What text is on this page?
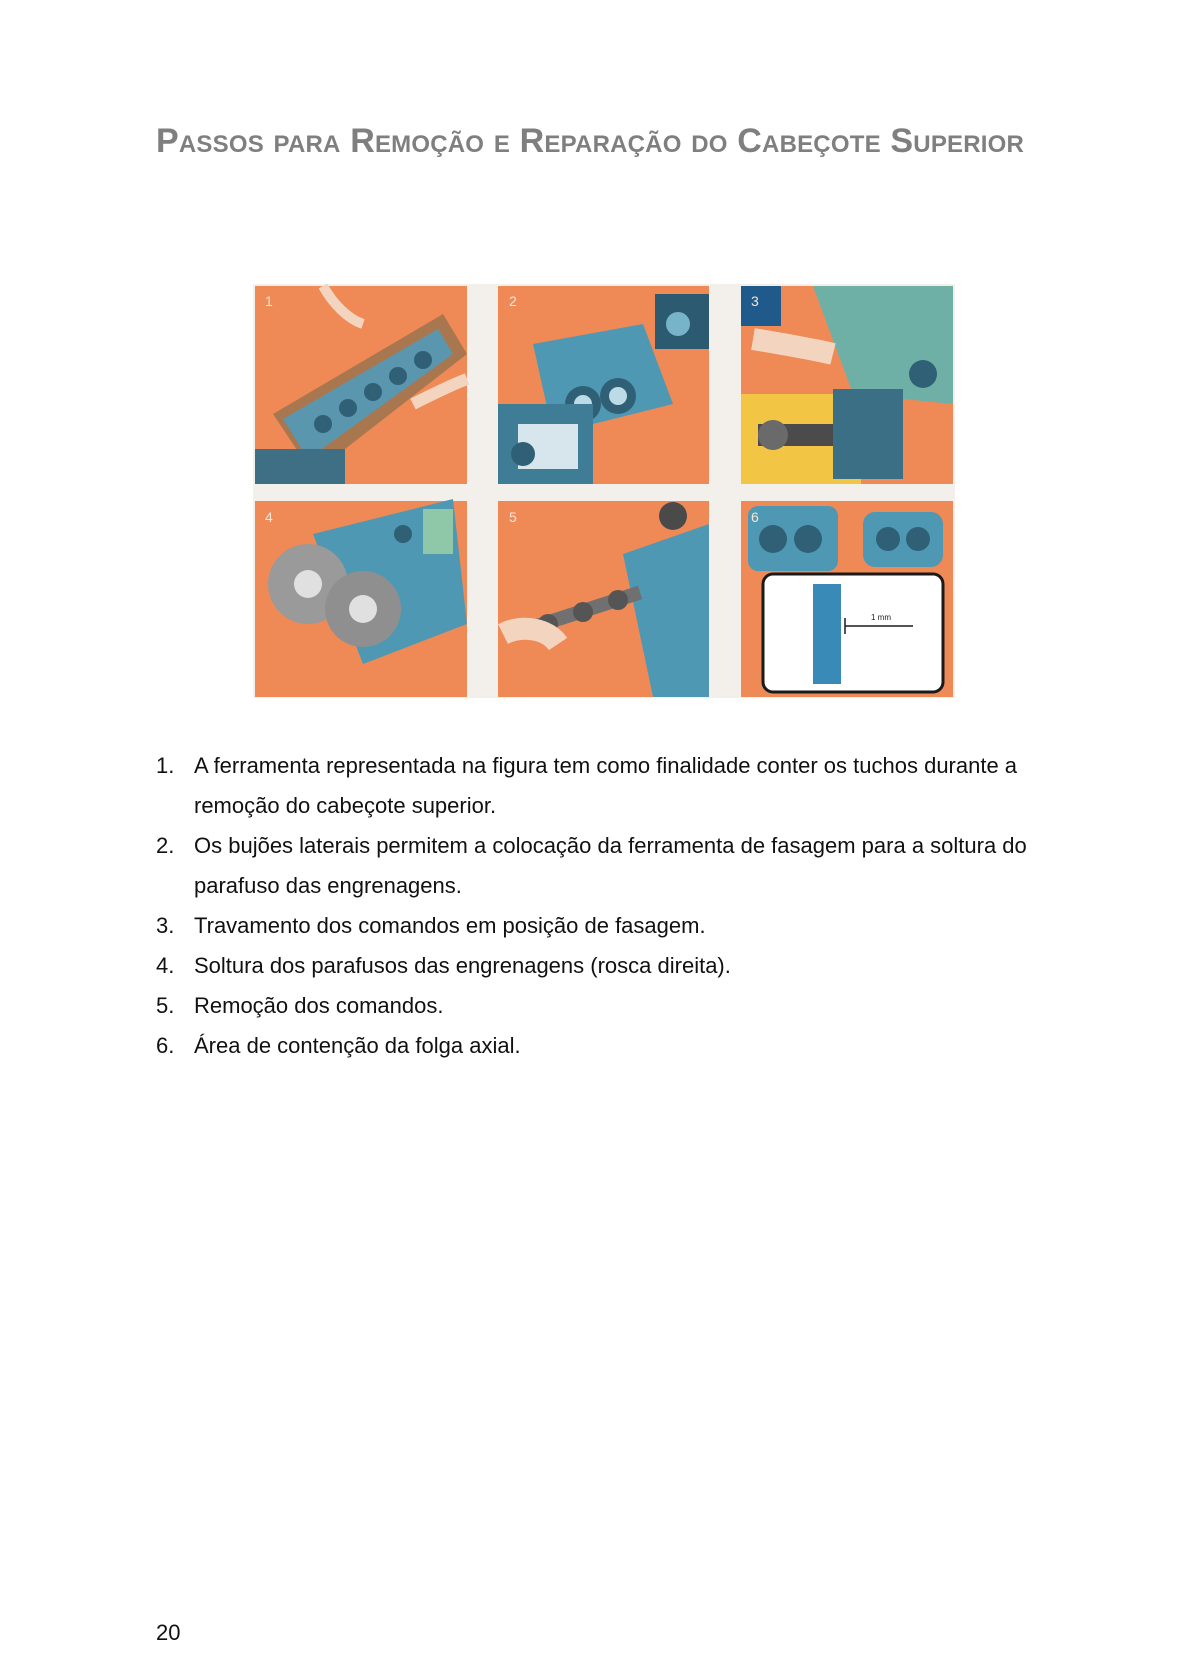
Passos para Remoção e Reparação do Cabeçote Superior
1	2	3
4	5	6
1 mm
1. A ferramenta representada na figura tem como finalidade conter os tuchos durante a remoção do cabeçote superior.
2. Os bujões laterais permitem a colocação da ferramenta de fasagem para a soltura do parafuso das engrenagens.
3. Travamento dos comandos em posição de fasagem.
4. Soltura dos parafusos das engrenagens (rosca direita).
5. Remoção dos comandos.
6. Área de contenção da folga axial.
20
